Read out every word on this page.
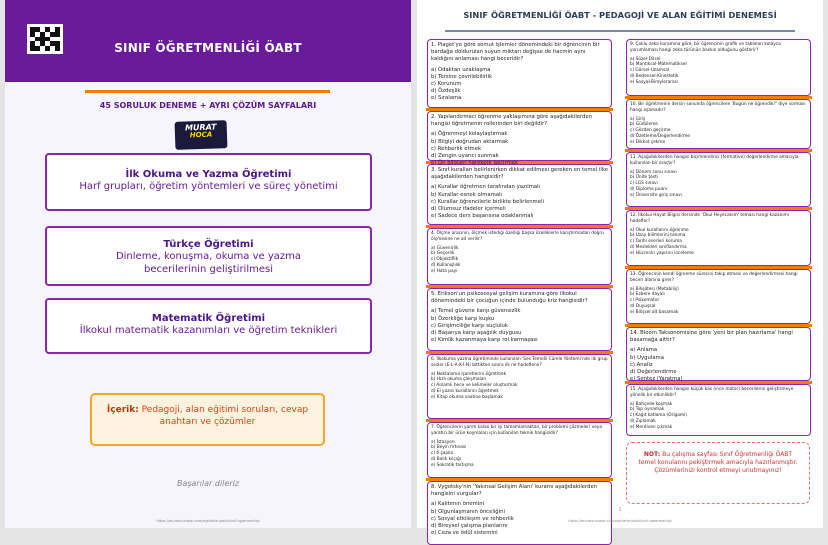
SINIF ÖĞRETMENLİĞİ ÖABT
45 SORULUK DENEME + AYRI ÇÖZÜM SAYFALARI
MURAT
HOCA
İlk Okuma ve Yazma Öğretimi
Harf grupları, öğretim yöntemleri ve süreç yönetimi
Türkçe Öğretimi
Dinleme, konuşma, okuma ve yazma becerilerinin geliştirilmesi
Matematik Öğretimi
İlkokul matematik kazanımları ve öğretim teknikleri
İçerik: Pedagoji, alan eğitimi soruları, cevap anahtarı ve çözümler
Başarılar dileriz
https://muratvursalar.com/egitimler/oabt/sinif-ogretmenligi
SINIF ÖĞRETMENLİĞİ ÖABT - PEDAGOJİ VE ALAN EĞİTİMİ DENEMESİ
1. Piaget'ye göre somut işlemler dönemindeki bir öğrencinin bir bardağa doldurulan suyun miktarı değişse de hacmin aynı kaldığını anlaması hangi beceridir?
a) Odaktan uzaklaşma
b) Tersine çevrilebilirlik
c) Korunum
d) Özdeşlik
e) Sıralama
2. Yapılandırmacı öğrenme yaklaşımına göre aşağıdakilerden hangisi öğretmenin rollerinden biri değildir?
a) Öğrenmeyi kolaylaştırmak
b) Bilgiyi doğrudan aktarmak
c) Rehberlik etmek
d) Zengin uyarıcı sunmak
3. Sınıf kuralları belirlenirken dikkat edilmesi gereken en temel ilke aşağıdakilerden hangisidir?
a) Kurallar öğretmen tarafından yazılmalı
b) Kurallar esnek olmamalı
c) Kurallar öğrencilerle birlikte belirlenmeli
d) Olumsuz ifadeler içermeli
e) Sadece ders başarısına odaklanmalı
4. Ölçme aracının, ölçmek istediği özelliği başka özelliklerle karıştırmadan doğru ölçmesine ne ad verilir?
a) Güvenirlik
b) Geçerlik
c) Objektiflik
d) Kullanışlılık
e) Hata payı
5. Erikson'un psikososyal gelişim kuramına göre ilkokul dönemindeki bir çocuğun içinde bulunduğu kriz hangisidir?
a) Temel güvene karşı güvensizlik
b) Özerkliğe karşı kuşku
c) Girişimciliğe karşı suçluluk
d) Başarıya karşı aşağılık duygusu
e) Kimlik kazanmaya karşı rol karmaşası
6. İlkokuma yazma öğretiminde kullanılan 'Ses Temelli Cümle Yöntemi'nde ilk grup sesler (E-L-A-K-İ-N) bittikten sonra ilk ne hedeflenir?
a) Noktalama işaretlerini öğretmek
b) Hızlı okuma çalışmaları
c) Anlamlı hece ve kelimeler oluşturmak
d) El yazısı kurallarını öğretmek
e) Kitap okuma saatine başlamak
7. Öğrencilerin yarım kalan bir işi tamamlamaktan, bir problemi çözmeleri veya yaratıcı bir ürün koymaları için kullanılan teknik hangisidir?
a) İstasyon
b) Beyin fırtınası
c) 6 şapka
d) Balık kılçığı
e) Sokratik tartışma
8. Vygotsky'nin 'Yakınsal Gelişim Alanı' kuramı aşağıdakilerden hangisini vurgular?
a) Kalıtımın önemini
b) Olgunlaşmanın önceliğini
c) Sosyal etkileşim ve rehberlik
d) Bireysel çalışma planlarını
e) Ceza ve ödül sistemini
9. Çoklu zeka kuramına göre, bir öğrencinin grafik ve tabloları kolayca yorumlaması hangi zeka türünün baskın olduğunu gösterir?
a) Sözel-Dilsel
b) Mantıksal-Matematiksel
c) Görsel-Uzamsal
d) Bedensel-Kinestetik
e) Sosyal-Bireylerarası
10. Bir öğretmenin dersin sonunda öğrencilere 'Bugün ne öğrendik?' diye sorması hangi aşamadır?
a) Giriş
b) Güdüleme
c) Gözden geçirme
d) Özetleme/Değerlendirme
e) Dikkat çekme
11. Aşağıdakilerden hangisi biçimlendirici (formative) değerlendirme amacıyla kullanılan bir araçtır?
a) Dönem sonu sınavı
b) Ünite testi
c) LGS sınavı
d) Diploma puanı
e) Üniversite giriş sınavı
12. İlkokul Hayat Bilgisi dersinde 'Okul Heyecanım' teması hangi kazanımı hedefler?
a) Okul kurallarını öğrenme
b) Uzay bilimlerini tanıma
c) Tarihi eserleri koruma
d) Meslekleri sınıflandırma
e) Hücrenin yapısını inceleme
13. Öğrencinin kendi öğrenme sürecini takip etmesi ve değerlendirmesi hangi beceri alanına girer?
a) Bilişötesi (Metabiliş)
b) Ezbere dayalı
c) Psikomotor
d) Duyuşsal
e) Bilişsel alt basamak
14. Bloom Taksonomisine göre 'yeni bir plan hazırlama' hangi basamağa aittir?
a) Anlama
b) Uygulama
c) Analiz
d) Değerlendirme
e) Sentez (Yaratma)
15. Aşağıdakilerden hangisi küçük kas (ince motor) becerilerini geliştirmeye yönelik bir etkinliktir?
a) Bahçede koşmak
b) Top oynamak
c) Kağıt katlama (Origami)
d) Zıplamak
e) Merdiven çıkmak
NOT: Bu çalışma sayfası Sınıf Öğretmenliği ÖABT temel konularını pekiştirmek amacıyla hazırlanmıştır. Çözümlerinizi kontrol etmeyi unutmayınız!
1
https://muratvursalar.com/egitimler/oabt/sinif-ogretmenligi
